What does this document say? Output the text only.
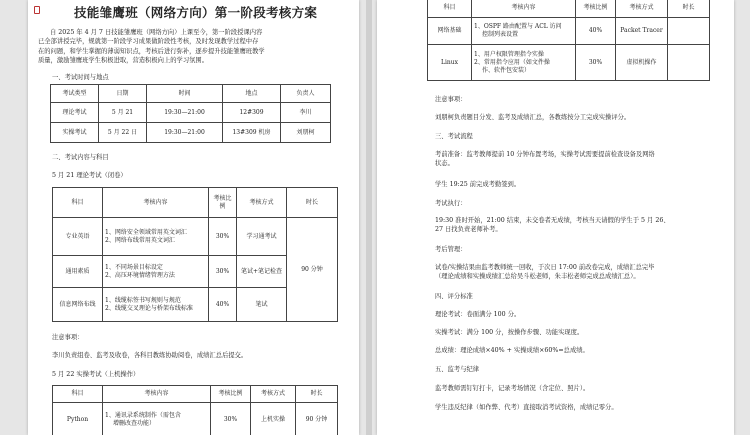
技能雏鹰班（网络方向）第一阶段考核方案
自 2025 年 4 月 7 日技能雏鹰班（网络方向）上课至今，第一阶段授课内容
已全部讲授完毕，规就第一阶段学习成果做阶段性考核，及时发现教学过程中存
在的问题，和学生掌握的薄弱知识点，考核后进行弥补，逐步提升技能雏鹰班教学
质量，激励雏鹰班学生积极进取，营造积极向上的学习氛围。
一、考试时间与地点
考试类型	日期	时间	地点	负责人
理论考试	5 月 21	19:30—21:00	12#309	李川
实操考试	5 月 22 日	19:30—21:00	13#309 机房	刘朋柯
二、考试内容与科目
5 月 21 理论考试（闭卷）
科目	考核内容	考核比例	考核方式	时长
专业英语	1、网络安全领域常用英文词汇
2、网络布线常用英文词汇	30%	学习通考试	90 分钟
通用素质	1、不同场景目标设定
2、高压环境情绪管理方法	30%	笔试+笔记检查	
信息网络布线	1、线缆标签书写规则与规范
2、线缆交叉理论与桥架布线标准	40%	笔试	
注意事项：
李川负责组卷、监考及收卷，各科目教练协助阅卷，成绩汇总后提交。
5 月 22 实操考试（上机操作）
科目	考核内容	考核比例	考核方式	时长
Python	1、通讯录系统制作（需包含
增删改查功能）	30%	上机实操	90 分钟
科目	考核内容	考核比例	考核方式	时长
网络基础	1、OSPF 路由配置与 ACL 访问
控制列表设置	40%	Packet Tracer	
Linux	1、用户权限管理指令实操
2、常用指令应用（如文件操
作、软件包安装）	30%	虚拟机操作	
注意事项：
刘朋柯负责题目分发、监考及成绩汇总，各教练按分工完成实操评分。
三、考试流程
考前准备：监考教师提前 10 分钟布置考场，实操考试需要提前检查设备及网络
状态。
学生 19:25 前完成考勤签到。
考试执行：
19:30 准时开始，21:00 结束，未交卷者无成绩，考核当天请假的学生于 5 月 26、
27 日找负责老师补考。
考后管理：
试卷/实操结果由监考教师统一回收，于次日 17:00 前改卷完成，成绩汇总完毕
（理论成绩和实操成绩汇总给吴斗松老师，朱丰松老师完成总成绩汇总）。
四、评分标准
理论考试：卷面满分 100 分。
实操考试：满分 100 分，按操作步骤、功能实现度。
总成绩：理论成绩×40% + 实操成绩×60%=总成绩。
五、监考与纪律
监考教师需钉钉打卡，记录考场情况（含定位、照片）。
学生违反纪律（如作弊、代考）直接取消考试资格，成绩记零分。
